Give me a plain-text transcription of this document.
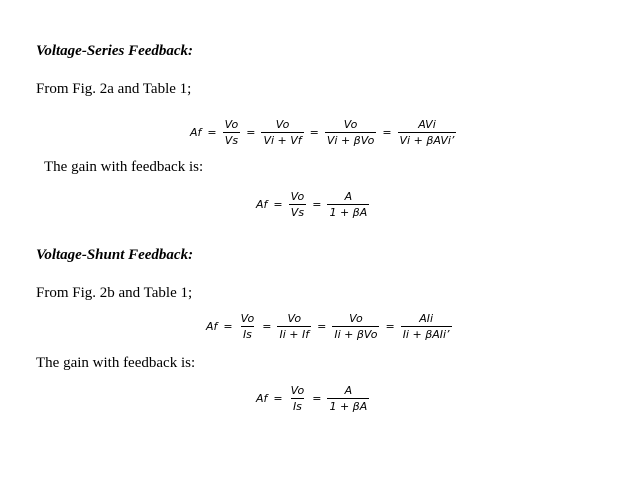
Voltage-Series Feedback:
From Fig. 2a and Table 1;
$Af = \frac{Vo}{Vs} = \frac{Vo}{Vi + Vf} = \frac{Vo}{\text{Vi + βVo}} = \frac{\text{AVi}}{\text{Vi + βAVi’}}$
The gain with feedback is:
$Af = \frac{Vo}{Vs} = \frac{A}{1 + \beta A}$
Voltage-Shunt Feedback:
From Fig. 2b and Table 1;
$Af = \frac{Vo}{Is} = \frac{Vo}{Ii + If} = \frac{Vo}{\text{Ii + βVo}} = \frac{\text{AIi}}{\text{Ii + βAIi’}}$
The gain with feedback is:
$Af = \frac{Vo}{Is} = \frac{A}{1 + \beta A}$
